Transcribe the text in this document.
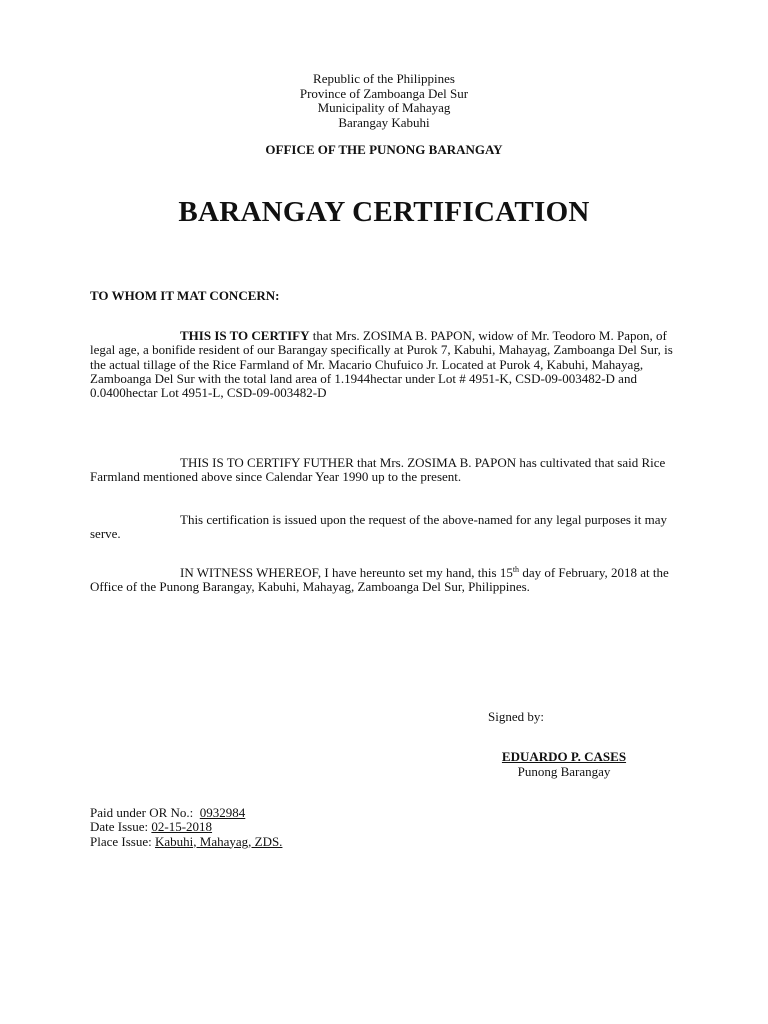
Republic of the Philippines
Province of Zamboanga Del Sur
Municipality of Mahayag
Barangay Kabuhi
OFFICE OF THE PUNONG BARANGAY
BARANGAY CERTIFICATION
TO WHOM IT MAT CONCERN:
THIS IS TO CERTIFY that Mrs. ZOSIMA B. PAPON, widow of Mr. Teodoro M. Papon, of legal age, a bonifide resident of our Barangay specifically at Purok 7, Kabuhi, Mahayag, Zamboanga Del Sur, is the actual tillage of the Rice Farmland of Mr. Macario Chufuico Jr. Located at Purok 4, Kabuhi, Mahayag, Zamboanga Del Sur with the total land area of 1.1944hectar under Lot # 4951-K, CSD-09-003482-D and 0.0400hectar Lot 4951-L, CSD-09-003482-D
THIS IS TO CERTIFY FUTHER that Mrs. ZOSIMA B. PAPON has cultivated that said Rice Farmland mentioned above since Calendar Year 1990 up to the present.
This certification is issued upon the request of the above-named for any legal purposes it may serve.
IN WITNESS WHEREOF, I have hereunto set my hand, this 15th day of February, 2018 at the Office of the Punong Barangay, Kabuhi, Mahayag, Zamboanga Del Sur, Philippines.
Signed by:
EDUARDO P. CASES
Punong Barangay
Paid under OR No.: 0932984
Date Issue: 02-15-2018
Place Issue: Kabuhi, Mahayag, ZDS.
